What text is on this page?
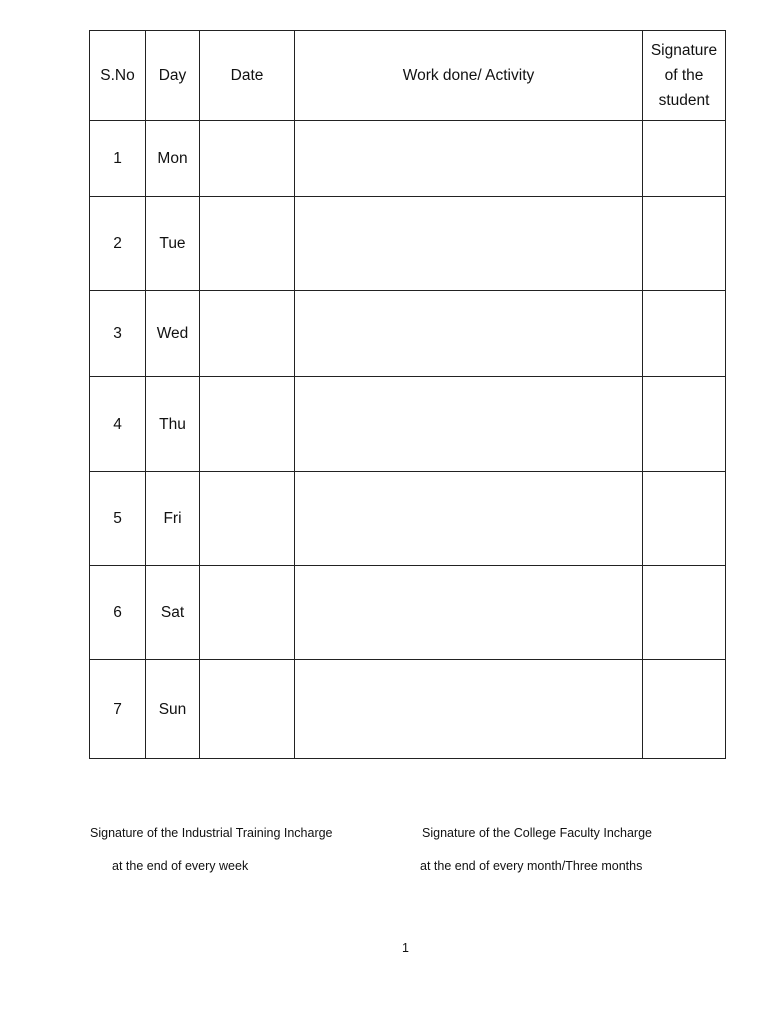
S.No	Day	Date	Work done/ Activity	Signature of the student
1	Mon			
2	Tue			
3	Wed			
4	Thu			
5	Fri			
6	Sat			
7	Sun			
Signature of the Industrial Training Incharge
at the end of every week
Signature of the College Faculty Incharge
at the end of every month/Three months
1
